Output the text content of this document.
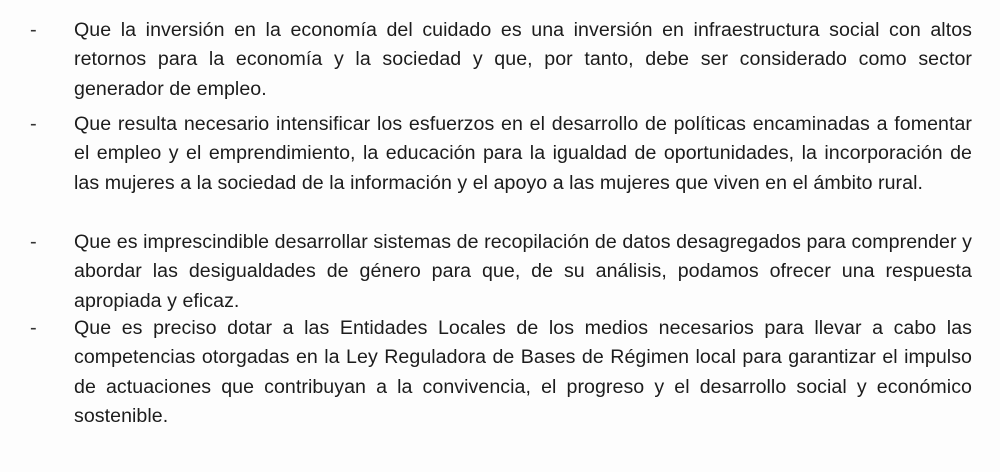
- Que la inversión en la economía del cuidado es una inversión en infraestructura social con altos retornos para la economía y la sociedad y que, por tanto, debe ser considerado como sector generador de empleo.

- Que resulta necesario intensificar los esfuerzos en el desarrollo de políticas encaminadas a fomentar el empleo y el emprendimiento, la educación para la igualdad de oportunidades, la incorporación de las mujeres a la sociedad de la información y el apoyo a las mujeres que viven en el ámbito rural.

- Que es imprescindible desarrollar sistemas de recopilación de datos desagregados para comprender y abordar las desigualdades de género para que, de su análisis, podamos ofrecer una respuesta apropiada y eficaz.

- Que es preciso dotar a las Entidades Locales de los medios necesarios para llevar a cabo las competencias otorgadas en la Ley Reguladora de Bases de Régimen local para garantizar el impulso de actuaciones que contribuyan a la convivencia, el progreso y el desarrollo social y económico sostenible.
